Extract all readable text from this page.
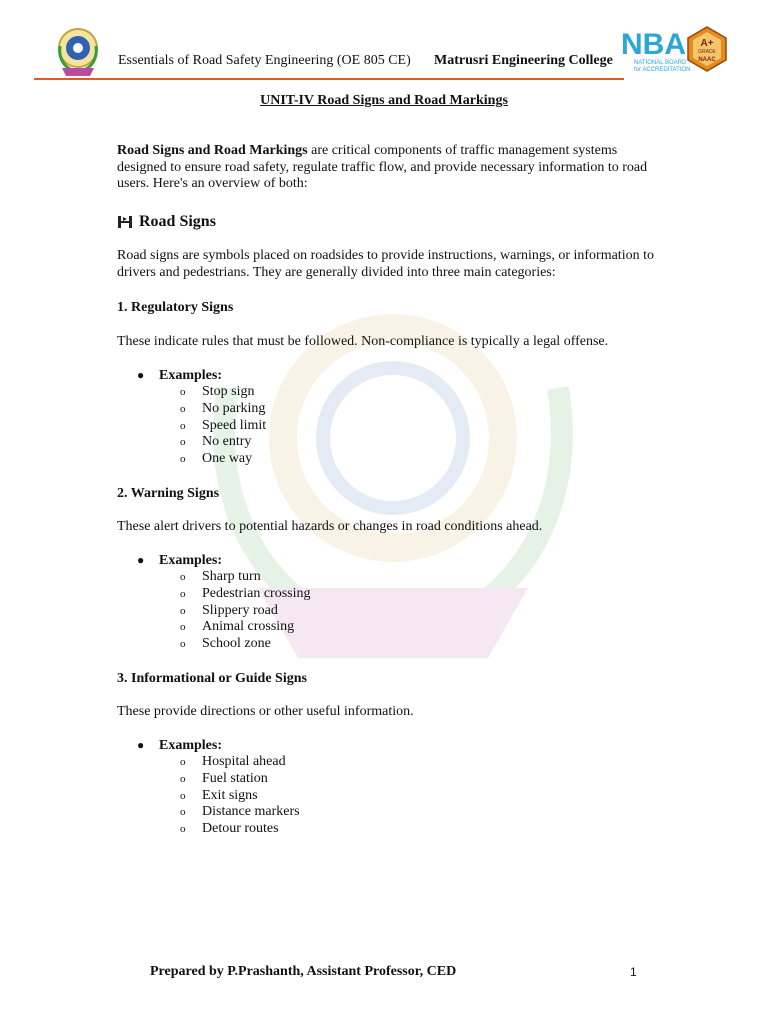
Essentials of Road Safety Engineering (OE 805 CE) Matrusri Engineering College NBA
NATIONAL BOARD
for ACCREDITATION
A+
GRADE
NAAC
UNIT-IV Road Signs and Road Markings
Road Signs and Road Markings are critical components of traffic management systems designed to ensure road safety, regulate traffic flow, and provide necessary information to road users. Here's an overview of both:
Road Signs
Road signs are symbols placed on roadsides to provide instructions, warnings, or information to drivers and pedestrians. They are generally divided into three main categories:
1. Regulatory Signs
These indicate rules that must be followed. Non-compliance is typically a legal offense.
● Examples:
o Stop sign
o No parking
o Speed limit
o No entry
o One way
2. Warning Signs
These alert drivers to potential hazards or changes in road conditions ahead.
● Examples:
o Sharp turn
o Pedestrian crossing
o Slippery road
o Animal crossing
o School zone
3. Informational or Guide Signs
These provide directions or other useful information.
● Examples:
o Hospital ahead
o Fuel station
o Exit signs
o Distance markers
o Detour routes
Prepared by P.Prashanth, Assistant Professor, CED	1
